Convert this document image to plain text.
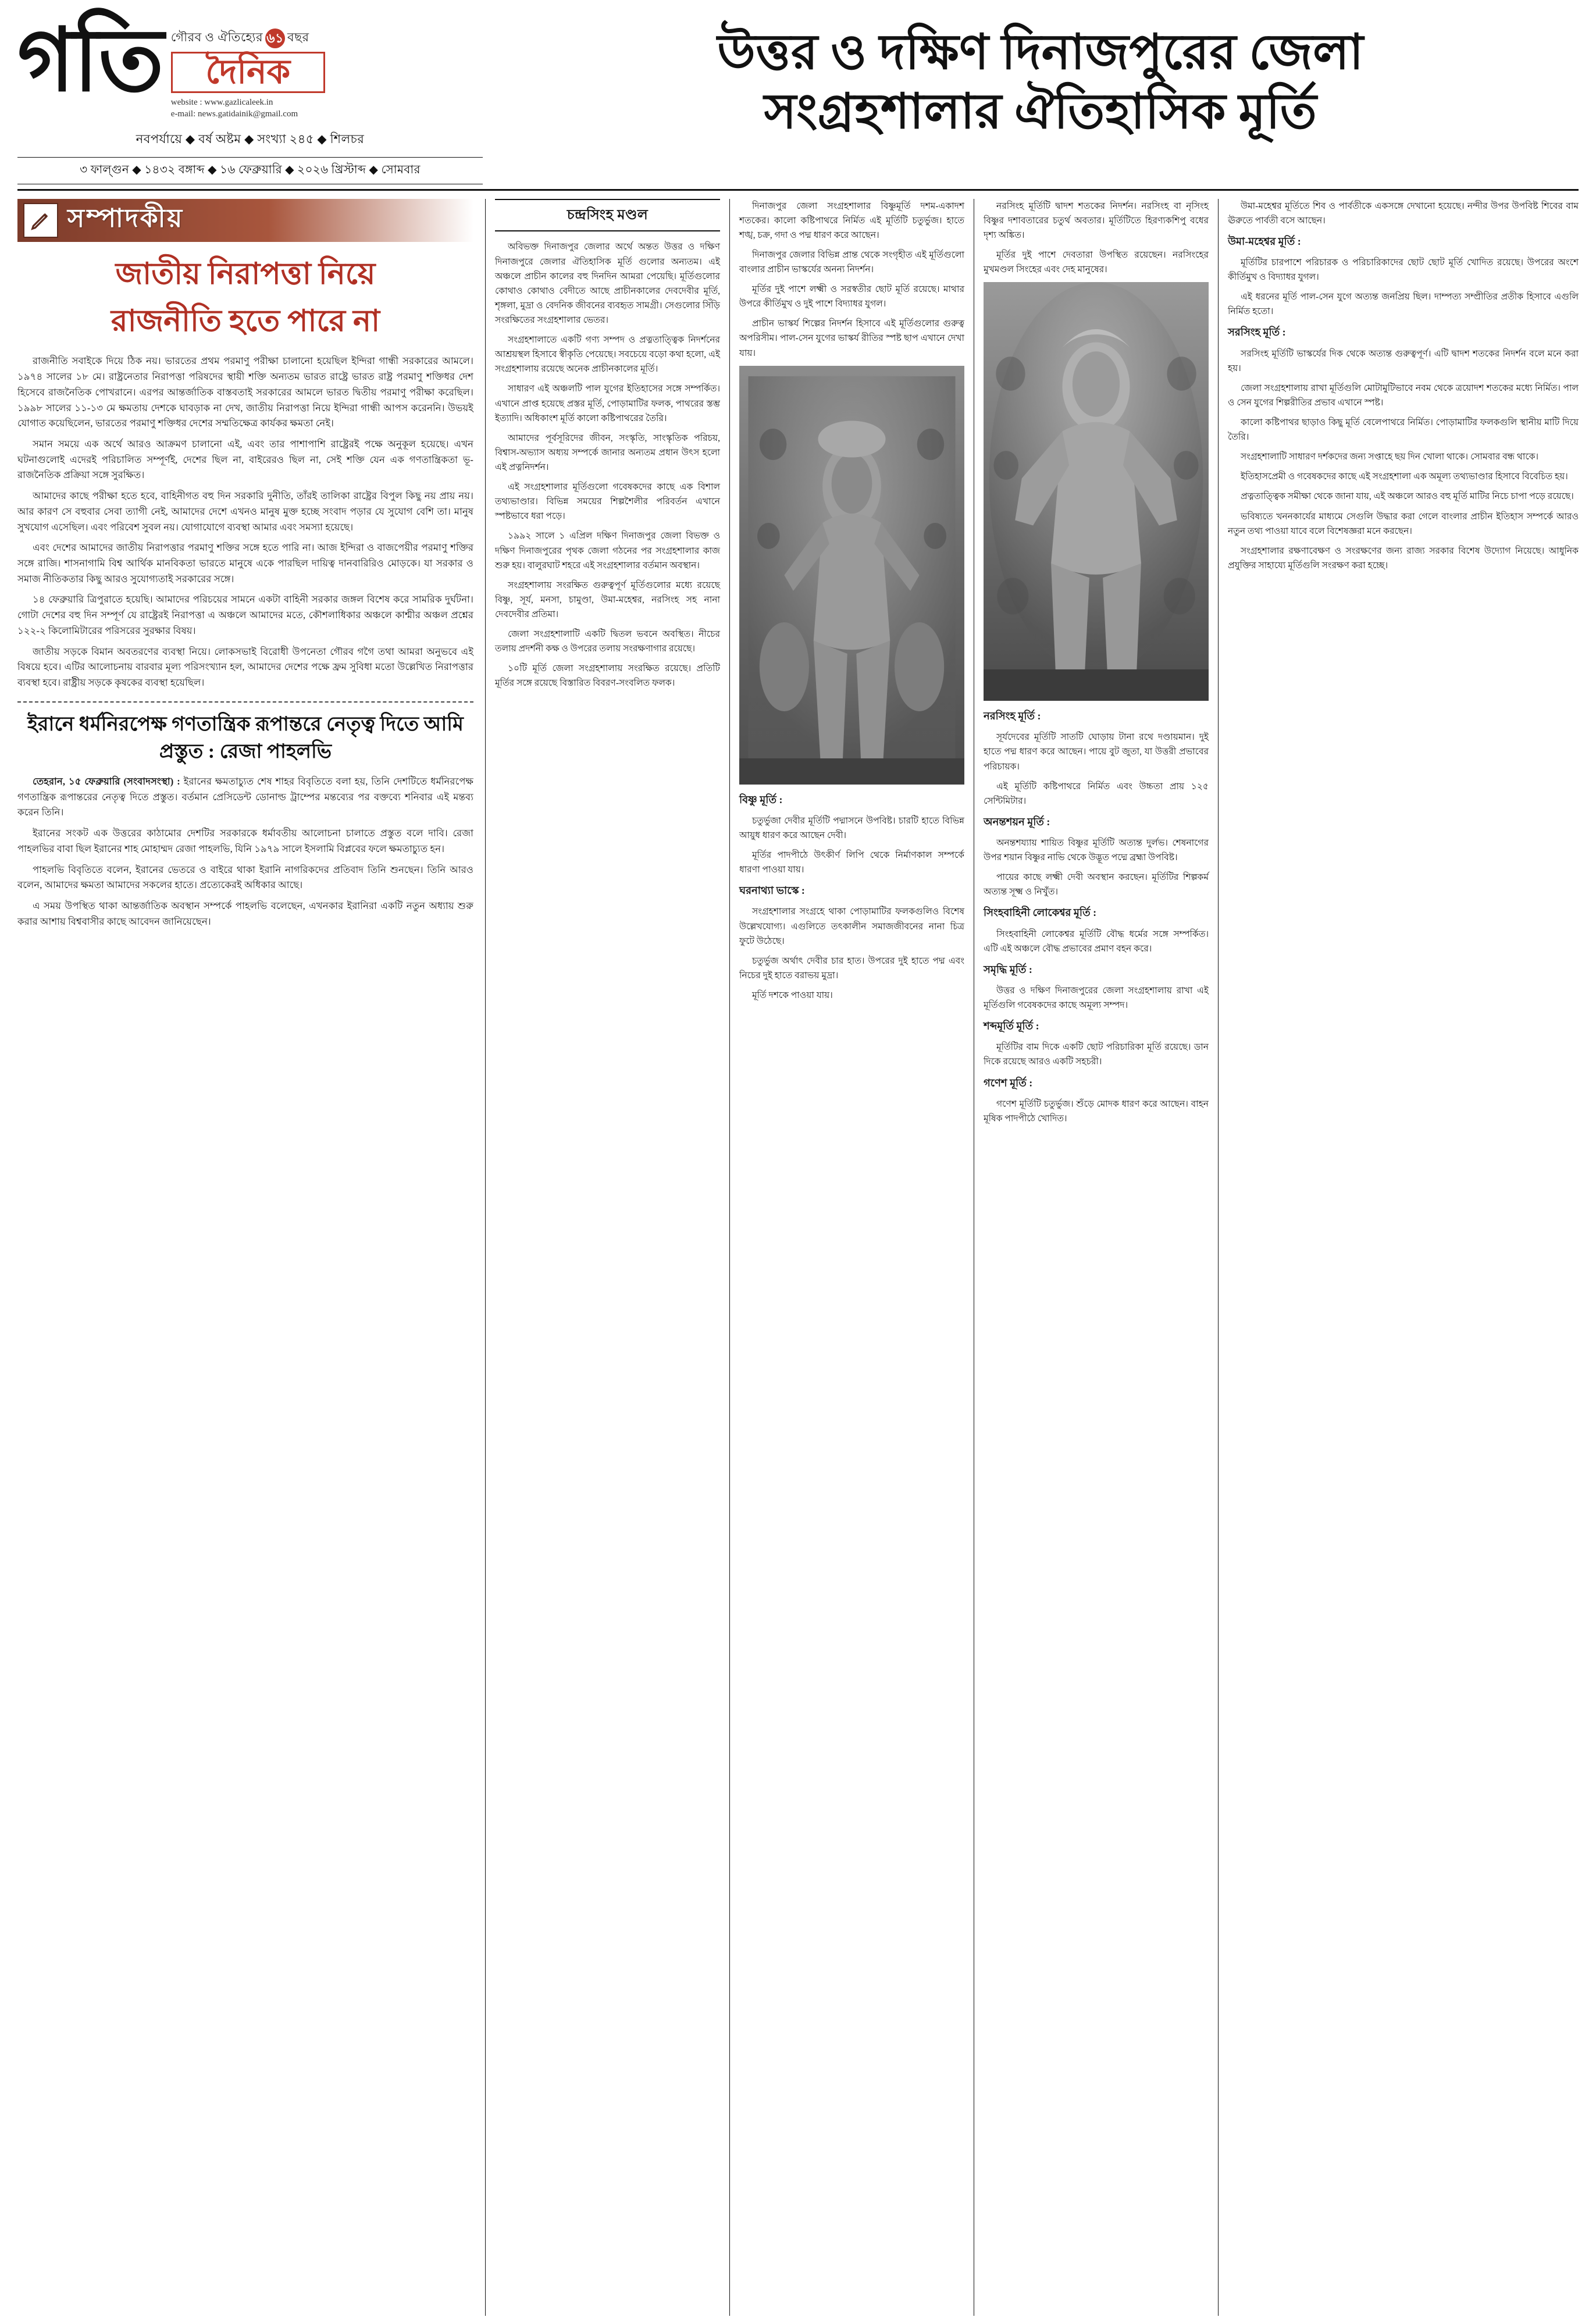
গতি গৌরব ও ঐতিহ্যের ৬১ বছর
দৈনিক
website : www.gazlicaleek.in
e-mail: news.gatidainik@gmail.com
নবপর্যায়ে ◆ বর্ষ অষ্টম ◆ সংখ্যা ২৪৫ ◆ শিলচর
৩ ফাল্গুন ◆ ১৪৩২ বঙ্গাব্দ ◆ ১৬ ফেব্রুয়ারি ◆ ২০২৬ খ্রিস্টাব্দ ◆ সোমবার
উত্তর ও দক্ষিণ দিনাজপুরের জেলা
সংগ্রহশালার ঐতিহাসিক মূর্তি
সম্পাদকীয়
জাতীয় নিরাপত্তা নিয়ে
রাজনীতি হতে পারে না

রাজনীতি সবাইকে দিয়ে ঠিক নয়। ভারতের প্রথম পরমাণু পরীক্ষা চালানো হয়েছিল ইন্দিরা গান্ধী সরকারের আমলে। ১৯৭৪ সালের ১৮ মে। রাষ্ট্রনেতার নিরাপত্তা পরিষদের স্থায়ী শক্তি অন্যতম ভারত রাষ্ট্রে ভারত রাষ্ট্র পরমাণু শক্তিধর দেশ হিসেবে রাজনৈতিক পোখরানে। এরপর আন্তর্জাতিক বাস্তবতাই সরকারের আমলে ভারত দ্বিতীয় পরমাণু পরীক্ষা করেছিল। ১৯৯৮ সালের ১১-১৩ মে ক্ষমতায় দেশকে ঘাবড়াক না দেখ, জাতীয় নিরাপত্তা নিয়ে ইন্দিরা গান্ধী আপস করেননি। উভয়ই যোগাত কয়েছিলেন, ভারতের পরমাণু শক্তিধর দেশের সম্মতিক্ষেত্র কার্যকর ক্ষমতা নেই।

সমান সময়ে এক অর্থে আরও আক্রমণ চালানো এই, এবং তার পাশাপাশি রাষ্ট্রেরই পক্ষে অনুকূল হয়েছে। এখন ঘটনাগুলোই এদেরই পরিচালিত সম্পূর্ণই, দেশের ছিল না, বাইরেরও ছিল না, সেই শক্তি যেন এক গণতান্ত্রিকতা ভূ-রাজনৈতিক প্রক্রিয়া সঙ্গে সুরক্ষিত।

আমাদের কাছে পরীক্ষা হতে হবে, বাহিনীগত বহু দিন সরকারি দুনীতি, তাঁরই তালিকা রাষ্ট্রের বিপুল কিছু নয় প্রায় নয়। আর কারণ সে বহুবার সেবা ত্যাগী নেই, আমাদের দেশে এখনও মানুষ মুক্ত হচ্ছে সংবাদ পড়ার যে সুযোগ বেশি তা। মানুষ সুখযোগ এসেছিল। এবং পরিবেশ সুবল নয়। যোগাযোগে ব্যবস্থা আমার এবং সমস্যা হয়েছে।

এবং দেশের আমাদের জাতীয় নিরাপত্তার পরমাণু শক্তির সঙ্গে হতে পারি না। আজ ইন্দিরা ও বাজপেয়ীর পরমাণু শক্তির সঙ্গে রাজি। শাসনাগামি বিশ্ব আর্থিক মানবিকতা ভারতে মানুষে একে পারছিল দায়িত্ব দানবারিরিও মোড়কে। যা সরকার ও সমাজ নীতিকতার কিছু আরও সুযোগ্যতাই সরকারের সঙ্গে।

১৪ ফেব্রুয়ারি ত্রিপুরাতে হয়েছি। আমাদের পরিচয়ের সামনে একটা বাহিনী সরকার জঙ্গল বিশেষ করে সামরিক দুর্ঘটনা। গোটা দেশের বহু দিন সম্পূর্ণ যে রাষ্ট্রেরই নিরাপত্তা এ অঞ্চলে আমাদের মতে, কৌশলাধিকার অঞ্চলে কাশ্মীর অঞ্চল প্রশ্নের ১২২-২ কিলোমিটারের পরিসরের সুরক্ষার বিষয়।

জাতীয় সড়কে বিমান অবতরণের ব্যবস্থা নিয়ে। লোকসভাই বিরোধী উপনেতা গৌরব গগৈ তথা আমরা অনুভবে এই বিষয়ে হবে। এটির আলোচনায় বারবার মূল্য পরিসংখ্যান হল, আমাদের দেশের পক্ষে ফ্রম সুবিধা মতো উল্লেখিত নিরাপত্তার ব্যবস্থা হবে। রাষ্ট্রীয় সড়কে কৃষকের ব্যবস্থা হয়েছিল।

ইরানে ধর্মনিরপেক্ষ গণতান্ত্রিক রূপান্তরে নেতৃত্ব দিতে আমি প্রস্তুত : রেজা পাহলভি

তেহরান, ১৫ ফেব্রুয়ারি (সংবাদসংস্থা) : ইরানের ক্ষমতাচ্যুত শেষ শাহর বিবৃতিতে বলা হয়, তিনি দেশটিতে ধর্মনিরপেক্ষ গণতান্ত্রিক রূপান্তরের নেতৃত্ব দিতে প্রস্তুত। বর্তমান প্রেসিডেন্ট ডোনাল্ড ট্রাম্পের মন্তব্যের পর বক্তব্যে শনিবার এই মন্তব্য করেন তিনি।

ইরানের সংকট এক উত্তরের কাঠামোর দেশটির সরকারকে ধর্মাবতীয় আলোচনা চালাতে প্রস্তুত বলে দাবি। রেজা পাহলভির বাবা ছিল ইরানের শাহ মোহাম্মদ রেজা পাহলভি, যিনি ১৯৭৯ সালে ইসলামি বিপ্লবের ফলে ক্ষমতাচ্যুত হন।

পাহলভি বিবৃতিতে বলেন, ইরানের ভেতরে ও বাইরে থাকা ইরানি নাগরিকদের প্রতিবাদ তিনি শুনছেন। তিনি আরও বলেন, আমাদের ক্ষমতা আমাদের সকলের হাতে। প্রত্যেকেরই অধিকার আছে।

এ সময় উপস্থিত থাকা আন্তর্জাতিক অবস্থান সম্পর্কে পাহলভি বলেছেন, এখনকার ইরানিরা একটি নতুন অধ্যায় শুরু করার আশায় বিশ্ববাসীর কাছে আবেদন জানিয়েছেন।

চন্দ্রসিংহ মণ্ডল

অবিভক্ত দিনাজপুর জেলার অর্থে অন্তত উত্তর ও দক্ষিণ দিনাজপুরে জেলার ঐতিহাসিক মূর্তি গুলোর অন্যতম। এই অঞ্চলে প্রাচীন কালের বহু দিনদিন আমরা পেয়েছি। মূর্তিগুলোর কোথাও কোথাও বেদীতে আছে প্রাচীনকালের দেবদেবীর মূর্তি, শৃঙ্গলা, মুদ্রা ও বেদনিক জীবনের ব্যবহৃত সামগ্রী। সেগুলোর সিঁড়ি সংরক্ষিতের সংগ্রহশালার ভেতর।

সংগ্রহশালাতে একটি গণ্য সম্পদ ও প্রত্নতাত্ত্বিক নিদর্শনের আশ্রয়স্থল হিসাবে স্বীকৃতি পেয়েছে। সবচেয়ে বড়ো কথা হলো, এই সংগ্রহশালায় রয়েছে অনেক প্রাচীনকালের মূর্তি।

সাধারণ এই অঞ্চলটি পাল যুগের ইতিহাসের সঙ্গে সম্পর্কিত। এখানে প্রাপ্ত হয়েছে প্রস্তর মূর্তি, পোড়ামাটির ফলক, পাথরের স্তম্ভ ইত্যাদি। অধিকাংশ মূর্তি কালো কষ্টিপাথরের তৈরি।

আমাদের পূর্বসূরিদের জীবন, সংস্কৃতি, সাংস্কৃতিক পরিচয়, বিশ্বাস-অভ্যাস অধ্যয় সম্পর্কে জানার অন্যতম প্রধান উৎস হলো এই প্রত্ননিদর্শন।

এই সংগ্রহশালার মূর্তিগুলো গবেষকদের কাছে এক বিশাল তথ্যভাণ্ডার। বিভিন্ন সময়ের শিল্পশৈলীর পরিবর্তন এখানে স্পষ্টভাবে ধরা পড়ে।

১৯৯২ সালে ১ এপ্রিল দক্ষিণ দিনাজপুর জেলা বিভক্ত ও দক্ষিণ দিনাজপুরের পৃথক জেলা গঠনের পর সংগ্রহশালার কাজ শুরু হয়। বালুরঘাট শহরে এই সংগ্রহশালার বর্তমান অবস্থান।

সংগ্রহশালায় সংরক্ষিত গুরুত্বপূর্ণ মূর্তিগুলোর মধ্যে রয়েছে বিষ্ণু, সূর্য, মনসা, চামুণ্ডা, উমা-মহেশ্বর, নরসিংহ সহ নানা দেবদেবীর প্রতিমা।

জেলা সংগ্রহশালাটি একটি দ্বিতল ভবনে অবস্থিত। নীচের তলায় প্রদর্শনী কক্ষ ও উপরের তলায় সংরক্ষণাগার রয়েছে।

১০টি মূর্তি জেলা সংগ্রহশালায় সংরক্ষিত রয়েছে। প্রতিটি মূর্তির সঙ্গে রয়েছে বিস্তারিত বিবরণ-সংবলিত ফলক।

দিনাজপুর জেলা সংগ্রহশালার বিষ্ণুমূর্তি দশম-একাদশ শতকের। কালো কষ্টিপাথরে নির্মিত এই মূর্তিটি চতুর্ভুজ। হাতে শঙ্খ, চক্র, গদা ও পদ্ম ধারণ করে আছেন।

দিনাজপুর জেলার বিভিন্ন প্রান্ত থেকে সংগৃহীত এই মূর্তিগুলো বাংলার প্রাচীন ভাস্কর্যের অনন্য নিদর্শন।

মূর্তির দুই পাশে লক্ষ্মী ও সরস্বতীর ছোট মূর্তি রয়েছে। মাথার উপরে কীর্তিমুখ ও দুই পাশে বিদ্যাধর যুগল।

প্রাচীন ভাস্কর্য শিল্পের নিদর্শন হিসাবে এই মূর্তিগুলোর গুরুত্ব অপরিসীম। পাল-সেন যুগের ভাস্কর্য রীতির স্পষ্ট ছাপ এখানে দেখা যায়।

বিষ্ণু মূর্তি :

চতুর্ভুজা দেবীর মূর্তিটি পদ্মাসনে উপবিষ্ট। চারটি হাতে বিভিন্ন আয়ুধ ধারণ করে আছেন দেবী।

মূর্তির পাদপীঠে উৎকীর্ণ লিপি থেকে নির্মাণকাল সম্পর্কে ধারণা পাওয়া যায়।

ঘরনাথ্যা ভাস্কে :

সংগ্রহশালার সংগ্রহে থাকা পোড়ামাটির ফলকগুলিও বিশেষ উল্লেখযোগ্য। এগুলিতে তৎকালীন সমাজজীবনের নানা চিত্র ফুটে উঠেছে।

চতুর্ভুজ অর্থাৎ দেবীর চার হাত। উপরের দুই হাতে পদ্ম এবং নিচের দুই হাতে বরাভয় মুদ্রা।

মূর্তি দশকে পাওয়া যায়।

নরসিংহ মূর্তিটি দ্বাদশ শতকের নিদর্শন। নরসিংহ বা নৃসিংহ বিষ্ণুর দশাবতারের চতুর্থ অবতার। মূর্তিটিতে হিরণ্যকশিপু বধের দৃশ্য অঙ্কিত।

মূর্তির দুই পাশে দেবতারা উপস্থিত রয়েছেন। নরসিংহের মুখমণ্ডল সিংহের এবং দেহ মানুষের।

নরসিংহ মূর্তি :

সূর্যদেবের মূর্তিটি সাতটি ঘোড়ায় টানা রথে দণ্ডায়মান। দুই হাতে পদ্ম ধারণ করে আছেন। পায়ে বুট জুতা, যা উত্তরী প্রভাবের পরিচায়ক।

এই মূর্তিটি কষ্টিপাথরে নির্মিত এবং উচ্চতা প্রায় ১২৫ সেন্টিমিটার।

অনন্তশয়ন মূর্তি :

অনন্তশয্যায় শায়িত বিষ্ণুর মূর্তিটি অত্যন্ত দুর্লভ। শেষনাগের উপর শয়ান বিষ্ণুর নাভি থেকে উদ্ভূত পদ্মে ব্রহ্মা উপবিষ্ট।

পায়ের কাছে লক্ষ্মী দেবী অবস্থান করছেন। মূর্তিটির শিল্পকর্ম অত্যন্ত সূক্ষ্ম ও নিখুঁত।

সিংহবাহিনী লোকেশ্বর মূর্তি :

সিংহবাহিনী লোকেশ্বর মূর্তিটি বৌদ্ধ ধর্মের সঙ্গে সম্পর্কিত। এটি এই অঞ্চলে বৌদ্ধ প্রভাবের প্রমাণ বহন করে।

সমৃদ্ধি মূর্তি :

উত্তর ও দক্ষিণ দিনাজপুরের জেলা সংগ্রহশালায় রাখা এই মূর্তিগুলি গবেষকদের কাছে অমূল্য সম্পদ।

শব্দমূর্তি মূর্তি :

মূর্তিটির বাম দিকে একটি ছোট পরিচারিকা মূর্তি রয়েছে। ডান দিকে রয়েছে আরও একটি সহচরী।

গণেশ মূর্তি :

গণেশ মূর্তিটি চতুর্ভুজ। শুঁড়ে মোদক ধারণ করে আছেন। বাহন মূষিক পাদপীঠে খোদিত।

উমা-মহেশ্বর মূর্তিতে শিব ও পার্বতীকে একসঙ্গে দেখানো হয়েছে। নন্দীর উপর উপবিষ্ট শিবের বাম ঊরুতে পার্বতী বসে আছেন।

উমা-মহেশ্বর মূর্তি :

মূর্তিটির চারপাশে পরিচারক ও পরিচারিকাদের ছোট ছোট মূর্তি খোদিত রয়েছে। উপরের অংশে কীর্তিমুখ ও বিদ্যাধর যুগল।

এই ধরনের মূর্তি পাল-সেন যুগে অত্যন্ত জনপ্রিয় ছিল। দাম্পত্য সম্প্রীতির প্রতীক হিসাবে এগুলি নির্মিত হতো।

সরসিংহ মূর্তি :

সরসিংহ মূর্তিটি ভাস্কর্যের দিক থেকে অত্যন্ত গুরুত্বপূর্ণ। এটি দ্বাদশ শতকের নিদর্শন বলে মনে করা হয়।

জেলা সংগ্রহশালায় রাখা মূর্তিগুলি মোটামুটিভাবে নবম থেকে ত্রয়োদশ শতকের মধ্যে নির্মিত। পাল ও সেন যুগের শিল্পরীতির প্রভাব এখানে স্পষ্ট।

কালো কষ্টিপাথর ছাড়াও কিছু মূর্তি বেলেপাথরে নির্মিত। পোড়ামাটির ফলকগুলি স্থানীয় মাটি দিয়ে তৈরি।

সংগ্রহশালাটি সাধারণ দর্শকদের জন্য সপ্তাহে ছয় দিন খোলা থাকে। সোমবার বন্ধ থাকে।

ইতিহাসপ্রেমী ও গবেষকদের কাছে এই সংগ্রহশালা এক অমূল্য তথ্যভাণ্ডার হিসাবে বিবেচিত হয়।

প্রত্নতাত্ত্বিক সমীক্ষা থেকে জানা যায়, এই অঞ্চলে আরও বহু মূর্তি মাটির নিচে চাপা পড়ে রয়েছে।

ভবিষ্যতে খননকার্যের মাধ্যমে সেগুলি উদ্ধার করা গেলে বাংলার প্রাচীন ইতিহাস সম্পর্কে আরও নতুন তথ্য পাওয়া যাবে বলে বিশেষজ্ঞরা মনে করছেন।

সংগ্রহশালার রক্ষণাবেক্ষণ ও সংরক্ষণের জন্য রাজ্য সরকার বিশেষ উদ্যোগ নিয়েছে। আধুনিক প্রযুক্তির সাহায্যে মূর্তিগুলি সংরক্ষণ করা হচ্ছে।
